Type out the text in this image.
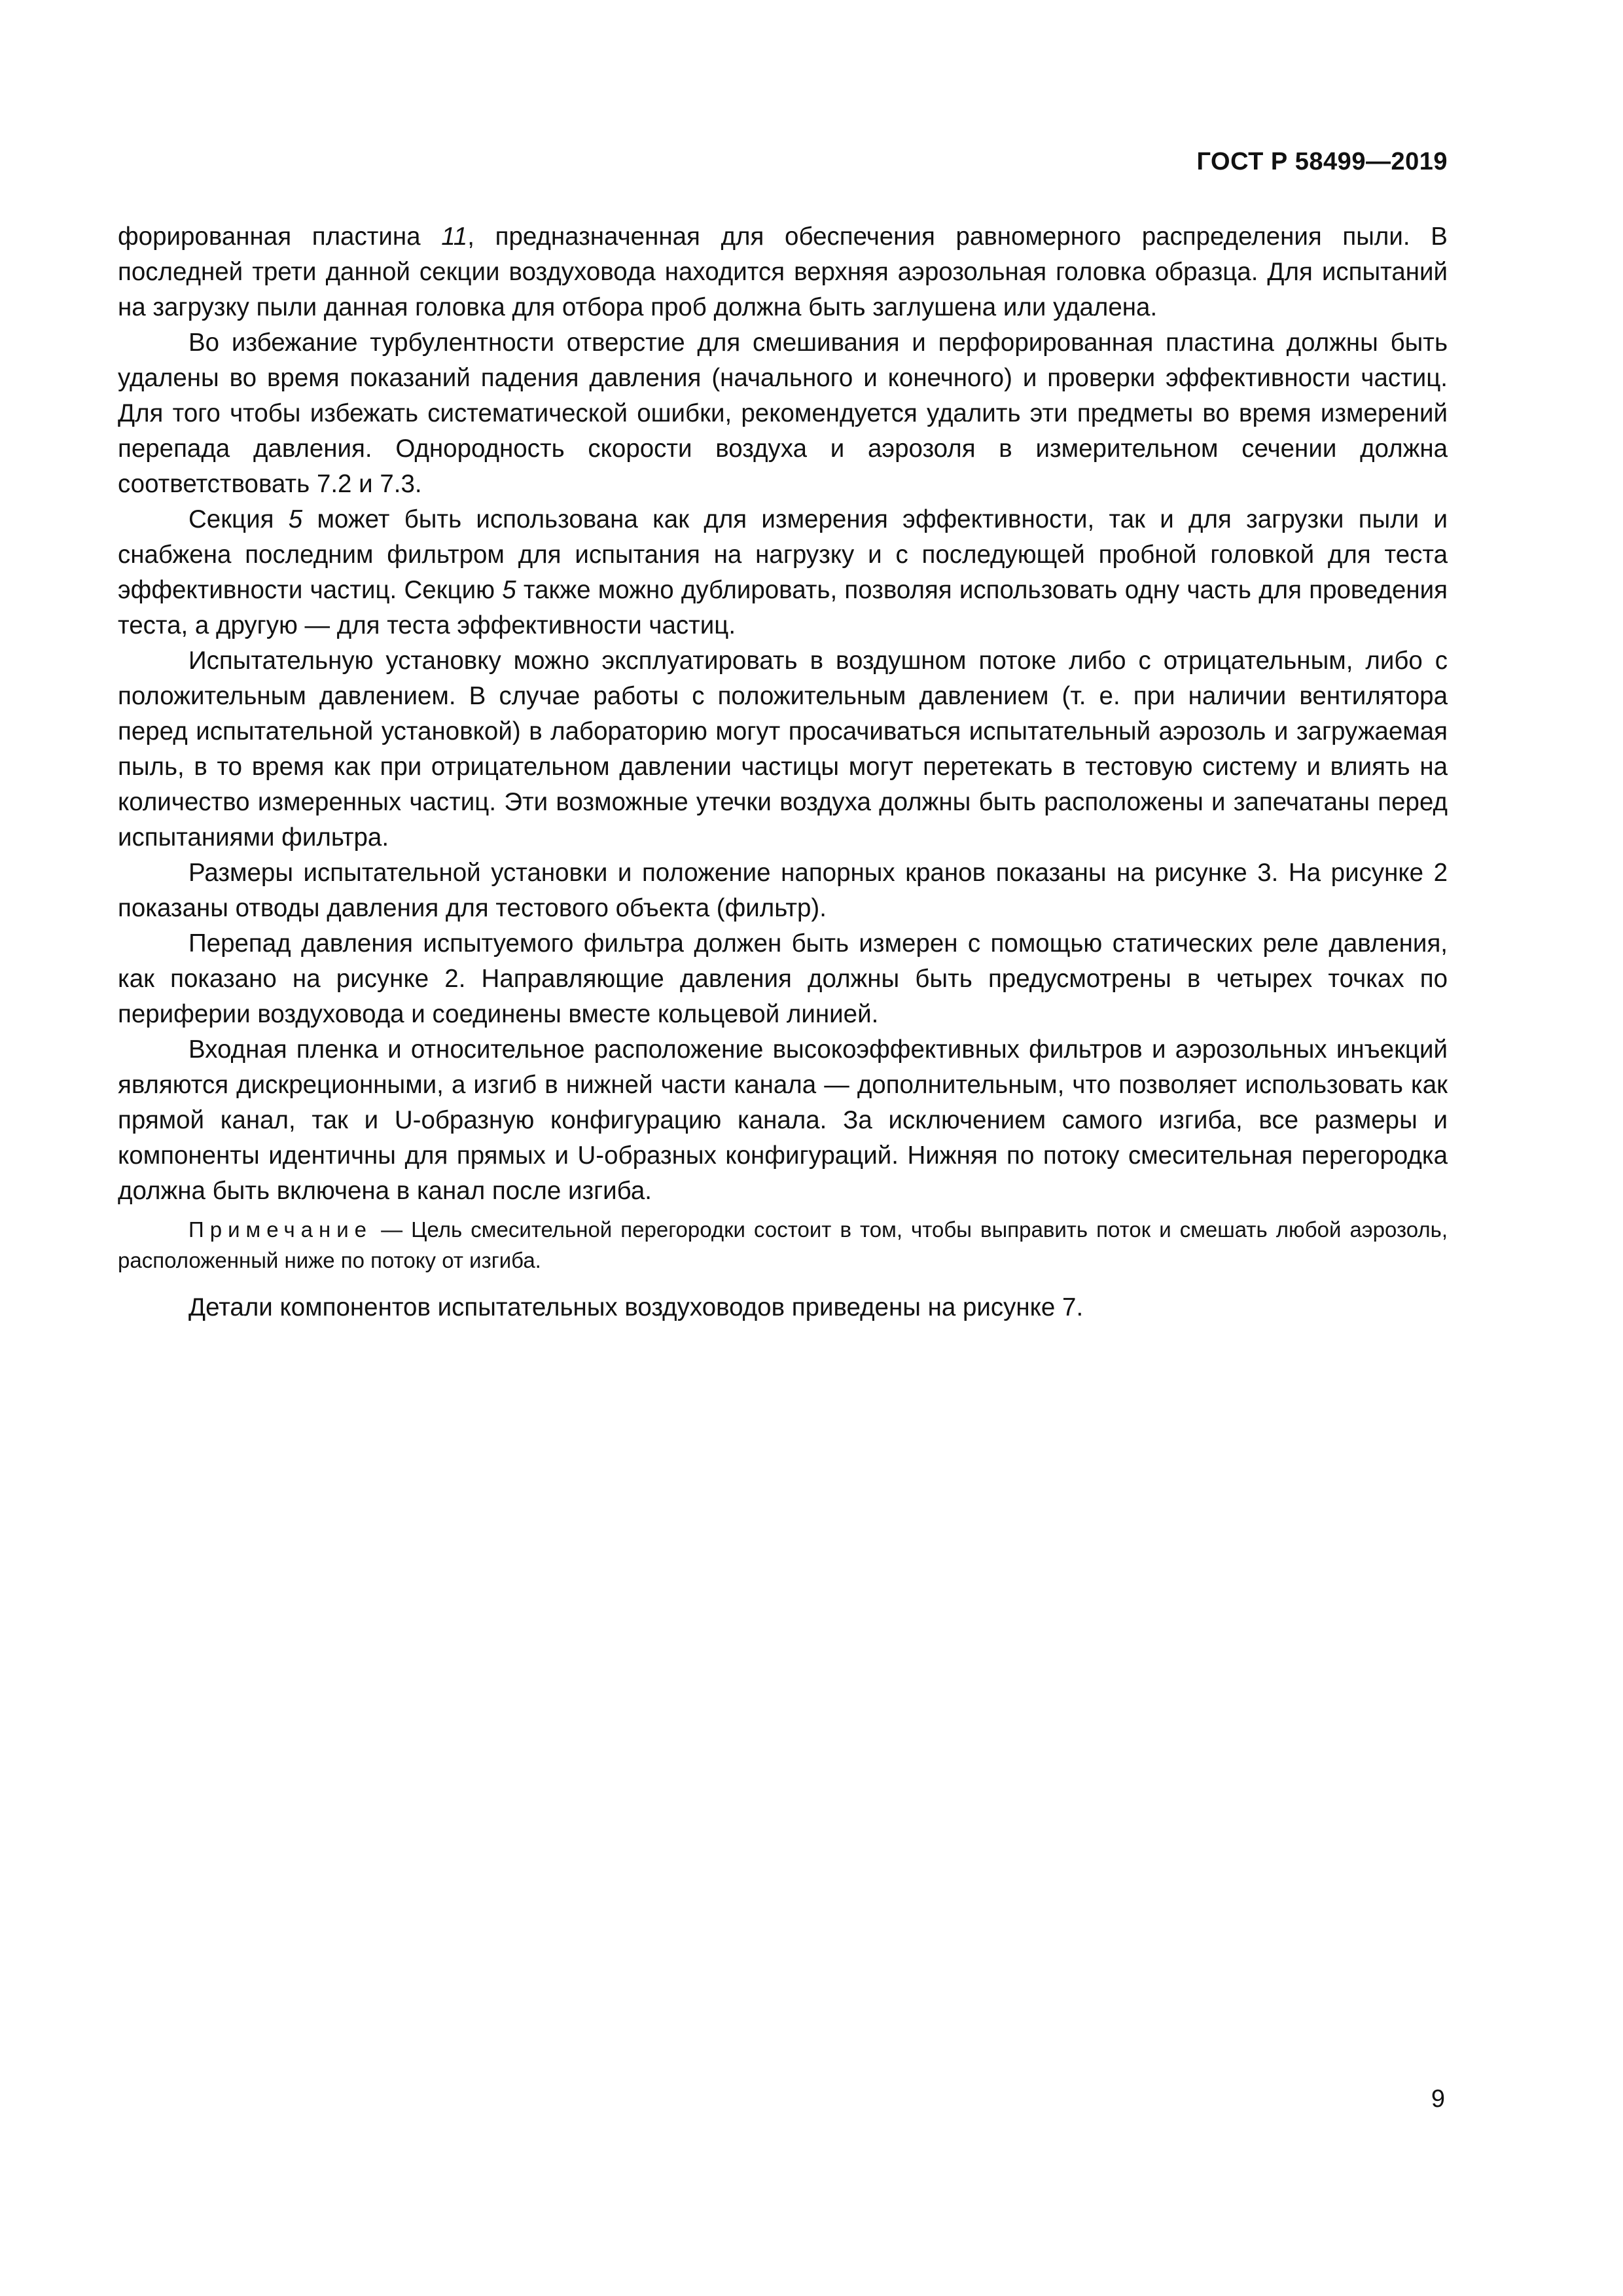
ГОСТ Р 58499—2019

форированная пластина 11, предназначенная для обеспечения равномерного распределения пыли. В последней трети данной секции воздуховода находится верхняя аэрозольная головка образца. Для испытаний на загрузку пыли данная головка для отбора проб должна быть заглушена или удалена.

Во избежание турбулентности отверстие для смешивания и перфорированная пластина должны быть удалены во время показаний падения давления (начального и конечного) и проверки эффективности частиц. Для того чтобы избежать систематической ошибки, рекомендуется удалить эти предметы во время измерений перепада давления. Однородность скорости воздуха и аэрозоля в измерительном сечении должна соответствовать 7.2 и 7.3.

Секция 5 может быть использована как для измерения эффективности, так и для загрузки пыли и снабжена последним фильтром для испытания на нагрузку и с последующей пробной головкой для теста эффективности частиц. Секцию 5 также можно дублировать, позволяя использовать одну часть для проведения теста, а другую — для теста эффективности частиц.

Испытательную установку можно эксплуатировать в воздушном потоке либо с отрицательным, либо с положительным давлением. В случае работы с положительным давлением (т. е. при наличии вентилятора перед испытательной установкой) в лабораторию могут просачиваться испытательный аэрозоль и загружаемая пыль, в то время как при отрицательном давлении частицы могут перетекать в тестовую систему и влиять на количество измеренных частиц. Эти возможные утечки воздуха должны быть расположены и запечатаны перед испытаниями фильтра.

Размеры испытательной установки и положение напорных кранов показаны на рисунке 3. На рисунке 2 показаны отводы давления для тестового объекта (фильтр).

Перепад давления испытуемого фильтра должен быть измерен с помощью статических реле давления, как показано на рисунке 2. Направляющие давления должны быть предусмотрены в четырех точках по периферии воздуховода и соединены вместе кольцевой линией.

Входная пленка и относительное расположение высокоэффективных фильтров и аэрозольных инъекций являются дискреционными, а изгиб в нижней части канала — дополнительным, что позволяет использовать как прямой канал, так и U-образную конфигурацию канала. За исключением самого изгиба, все размеры и компоненты идентичны для прямых и U-образных конфигураций. Нижняя по потоку смесительная перегородка должна быть включена в канал после изгиба.

Примечание — Цель смесительной перегородки состоит в том, чтобы выправить поток и смешать любой аэрозоль, расположенный ниже по потоку от изгиба.

Детали компонентов испытательных воздуховодов приведены на рисунке 7.

9
